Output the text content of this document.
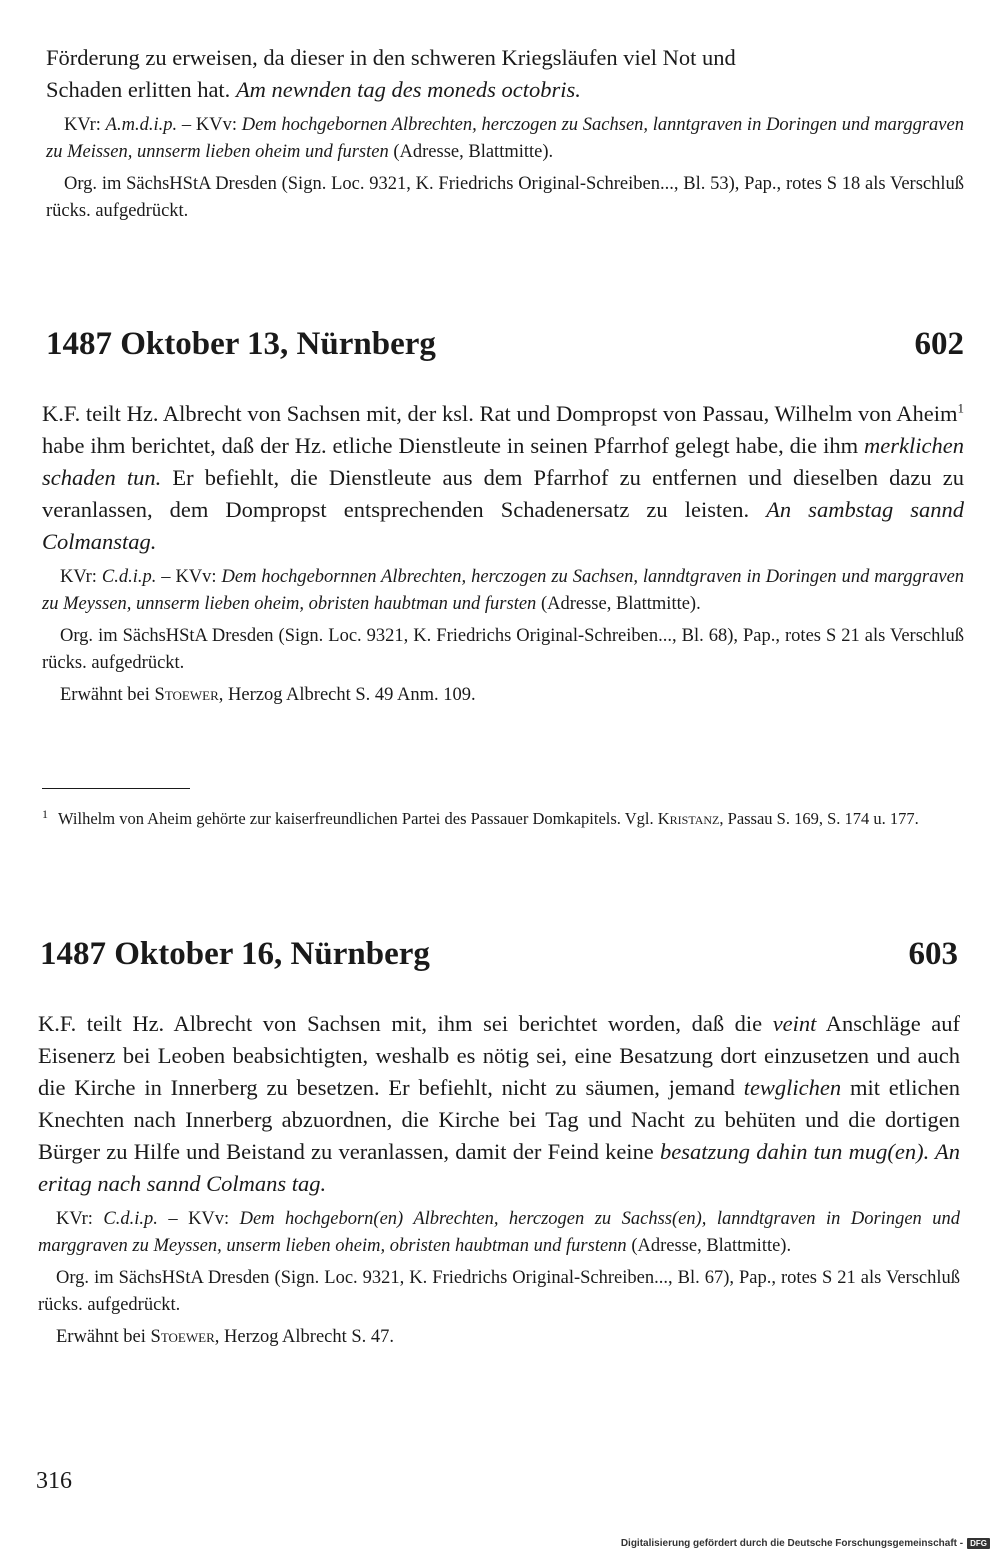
Förderung zu erweisen, da dieser in den schweren Kriegsläufen viel Not und
Schaden erlitten hat. Am newnden tag des moneds octobris.

KVr: A.m.d.i.p. – KVv: Dem hochgebornen Albrechten, herczogen zu Sachsen, lanntgraven in Doringen und marggraven zu Meissen, unnserm lieben oheim und fursten (Adresse, Blattmitte).

Org. im SächsHStA Dresden (Sign. Loc. 9321, K. Friedrichs Original-Schreiben..., Bl. 53), Pap., rotes S 18 als Verschluß rücks. aufgedrückt.

1487 Oktober 13, Nürnberg	602

K.F. teilt Hz. Albrecht von Sachsen mit, der ksl. Rat und Dompropst von Passau, Wilhelm von Aheim$^1$ habe ihm berichtet, daß der Hz. etliche Dienstleute in seinen Pfarrhof gelegt habe, die ihm merklichen schaden tun. Er befiehlt, die Dienstleute aus dem Pfarrhof zu entfernen und dieselben dazu zu veranlassen, dem Dompropst entsprechenden Schadenersatz zu leisten. An sambstag sannd Colmanstag.

KVr: C.d.i.p. – KVv: Dem hochgebornnen Albrechten, herczogen zu Sachsen, lanndtgraven in Doringen und marggraven zu Meyssen, unnserm lieben oheim, obristen haubtman und fursten (Adresse, Blattmitte).

Org. im SächsHStA Dresden (Sign. Loc. 9321, K. Friedrichs Original-Schreiben..., Bl. 68), Pap., rotes S 21 als Verschluß rücks. aufgedrückt.

Erwähnt bei Stoewer, Herzog Albrecht S. 49 Anm. 109.

$^1$ Wilhelm von Aheim gehörte zur kaiserfreundlichen Partei des Passauer Domkapitels. Vgl. Kristanz, Passau S. 169, S. 174 u. 177.

1487 Oktober 16, Nürnberg	603

K.F. teilt Hz. Albrecht von Sachsen mit, ihm sei berichtet worden, daß die veint Anschläge auf Eisenerz bei Leoben beabsichtigten, weshalb es nötig sei, eine Besatzung dort einzusetzen und auch die Kirche in Innerberg zu besetzen. Er befiehlt, nicht zu säumen, jemand tewglichen mit etlichen Knechten nach Innerberg abzuordnen, die Kirche bei Tag und Nacht zu behüten und die dortigen Bürger zu Hilfe und Beistand zu veranlassen, damit der Feind keine besatzung dahin tun mug(en). An eritag nach sannd Colmans tag.

KVr: C.d.i.p. – KVv: Dem hochgeborn(en) Albrechten, herczogen zu Sachss(en), lanndtgraven in Doringen und marggraven zu Meyssen, unserm lieben oheim, obristen haubtman und furstenn (Adresse, Blattmitte).

Org. im SächsHStA Dresden (Sign. Loc. 9321, K. Friedrichs Original-Schreiben..., Bl. 67), Pap., rotes S 21 als Verschluß rücks. aufgedrückt.

Erwähnt bei Stoewer, Herzog Albrecht S. 47.

316
Digitalisierung gefördert durch die Deutsche Forschungsgemeinschaft - DFG
